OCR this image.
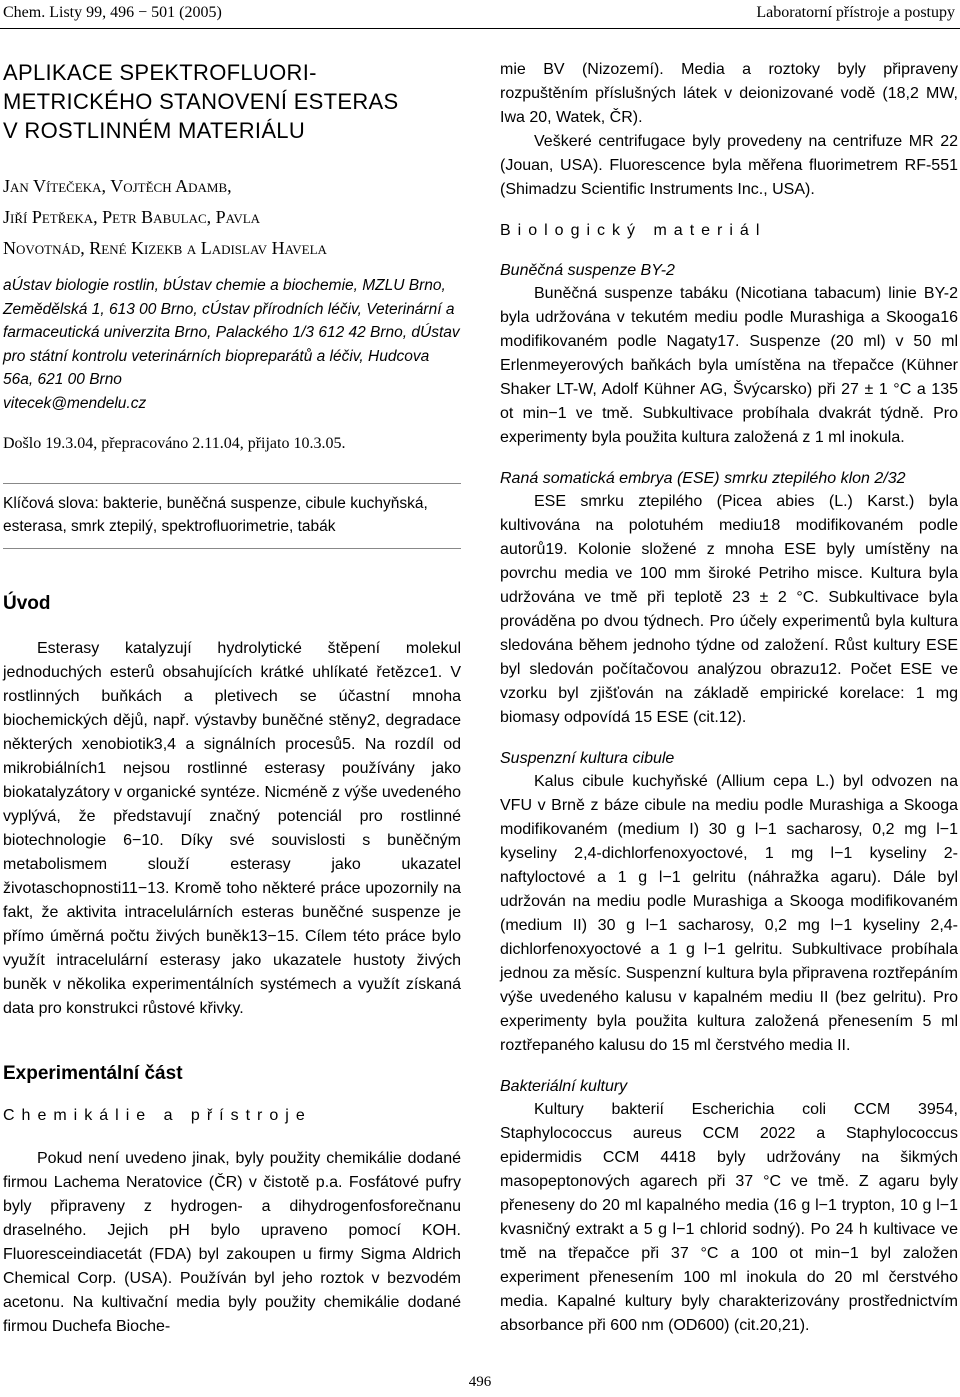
Chem. Listy 99, 496 − 501 (2005)	Laboratorní přístroje a postupy
APLIKACE SPEKTROFLUORI-
METRICKÉHO STANOVENÍ ESTERAS
V ROSTLINNÉM MATERIÁLU
Jan Vítečeka, Vojtěch Adamb,
Jiří Petřeka, Petr Babulac, Pavla
Novotnád, René Kizekb a Ladislav Havela
aÚstav biologie rostlin, bÚstav chemie a biochemie, MZLU Brno, Zemědělská 1, 613 00 Brno, cÚstav přírodních léčiv, Veterinární a farmaceutická univerzita Brno, Palackého 1/3 612 42 Brno, dÚstav pro státní kontrolu veterinárních biopreparátů a léčiv, Hudcova 56a, 621 00 Brno
vitecek@mendelu.cz
Došlo 19.3.04, přepracováno 2.11.04, přijato 10.3.05.
Klíčová slova: bakterie, buněčná suspenze, cibule kuchyňská, esterasa, smrk ztepilý, spektrofluorimetrie, tabák
Úvod

Esterasy katalyzují hydrolytické štěpení molekul jednoduchých esterů obsahujících krátké uhlíkaté řetězce1. V rostlinných buňkách a pletivech se účastní mnoha biochemických dějů, např. výstavby buněčné stěny2, degradace některých xenobiotik3,4 a signálních procesů5. Na rozdíl od mikrobiálních1 nejsou rostlinné esterasy používány jako biokatalyzátory v organické syntéze. Nicméně z výše uvedeného vyplývá, že představují značný potenciál pro rostlinné biotechnologie 6−10. Díky své souvislosti s buněčným metabolismem slouží esterasy jako ukazatel životaschopnosti11−13. Kromě toho některé práce upozornily na fakt, že aktivita intracelulárních esteras buněčné suspenze je přímo úměrná počtu živých buněk13−15. Cílem této práce bylo využít intracelulární esterasy jako ukazatele hustoty živých buněk v několika experimentálních systémech a využít získaná data pro konstrukci růstové křivky.

Experimentální část
Chemikálie a přístroje

Pokud není uvedeno jinak, byly použity chemikálie dodané firmou Lachema Neratovice (ČR) v čistotě p.a. Fosfátové pufry byly připraveny z hydrogen- a dihydrogenfosforečnanu draselného. Jejich pH bylo upraveno pomocí KOH. Fluoresceindiacetát (FDA) byl zakoupen u firmy Sigma Aldrich Chemical Corp. (USA). Používán byl jeho roztok v bezvodém acetonu. Na kultivační media byly použity chemikálie dodané firmou Duchefa Bioche-

mie BV (Nizozemí). Media a roztoky byly připraveny rozpuštěním příslušných látek v deionizované vodě (18,2 MW, Iwa 20, Watek, ČR).

Veškeré centrifugace byly provedeny na centrifuze MR 22 (Jouan, USA). Fluorescence byla měřena fluorimetrem RF-551 (Shimadzu Scientific Instruments Inc., USA).

Biologický materiál
Buněčná suspenze BY-2

Buněčná suspenze tabáku (Nicotiana tabacum) linie BY-2 byla udržována v tekutém mediu podle Murashiga a Skooga16 modifikovaném podle Nagaty17. Suspenze (20 ml) v 50 ml Erlenmeyerových baňkách byla umístěna na třepačce (Kühner Shaker LT-W, Adolf Kühner AG, Švýcarsko) při 27 ± 1 °C a 135 ot min−1 ve tmě. Subkultivace probíhala dvakrát týdně. Pro experimenty byla použita kultura založená z 1 ml inokula.

Raná somatická embrya (ESE) smrku ztepilého klon 2/32

ESE smrku ztepilého (Picea abies (L.) Karst.) byla kultivována na polotuhém mediu18 modifikovaném podle autorů19. Kolonie složené z mnoha ESE byly umístěny na povrchu media ve 100 mm široké Petriho misce. Kultura byla udržována ve tmě při teplotě 23 ± 2 °C. Subkultivace byla prováděna po dvou týdnech. Pro účely experimentů byla kultura sledována během jednoho týdne od založení. Růst kultury ESE byl sledován počítačovou analýzou obrazu12. Počet ESE ve vzorku byl zjišťován na základě empirické korelace: 1 mg biomasy odpovídá 15 ESE (cit.12).

Suspenzní kultura cibule

Kalus cibule kuchyňské (Allium cepa L.) byl odvozen na VFU v Brně z báze cibule na mediu podle Murashiga a Skooga modifikovaném (medium I) 30 g l−1 sacharosy, 0,2 mg l−1 kyseliny 2,4-dichlorfenoxyoctové, 1 mg l−1 kyseliny 2-naftyloctové a 1 g l−1 gelritu (náhražka agaru). Dále byl udržován na mediu podle Murashiga a Skooga modifikovaném (medium II) 30 g l−1 sacharosy, 0,2 mg l−1 kyseliny 2,4-dichlorfenoxyoctové a 1 g l−1 gelritu. Subkultivace probíhala jednou za měsíc. Suspenzní kultura byla připravena roztřepáním výše uvedeného kalusu v kapalném mediu II (bez gelritu). Pro experimenty byla použita kultura založená přenesením 5 ml roztřepaného kalusu do 15 ml čerstvého media II.

Bakteriální kultury

Kultury bakterií Escherichia coli CCM 3954, Staphylococcus aureus CCM 2022 a Staphylococcus epidermidis CCM 4418 byly udržovány na šikmých masopeptonových agarech při 37 °C ve tmě. Z agaru byly přeneseny do 20 ml kapalného media (16 g l−1 trypton, 10 g l−1 kvasničný extrakt a 5 g l−1 chlorid sodný). Po 24 h kultivace ve tmě na třepačce při 37 °C a 100 ot min−1 byl založen experiment přenesením 100 ml inokula do 20 ml čerstvého media. Kapalné kultury byly charakterizovány prostřednictvím absorbance při 600 nm (OD600) (cit.20,21).

496
